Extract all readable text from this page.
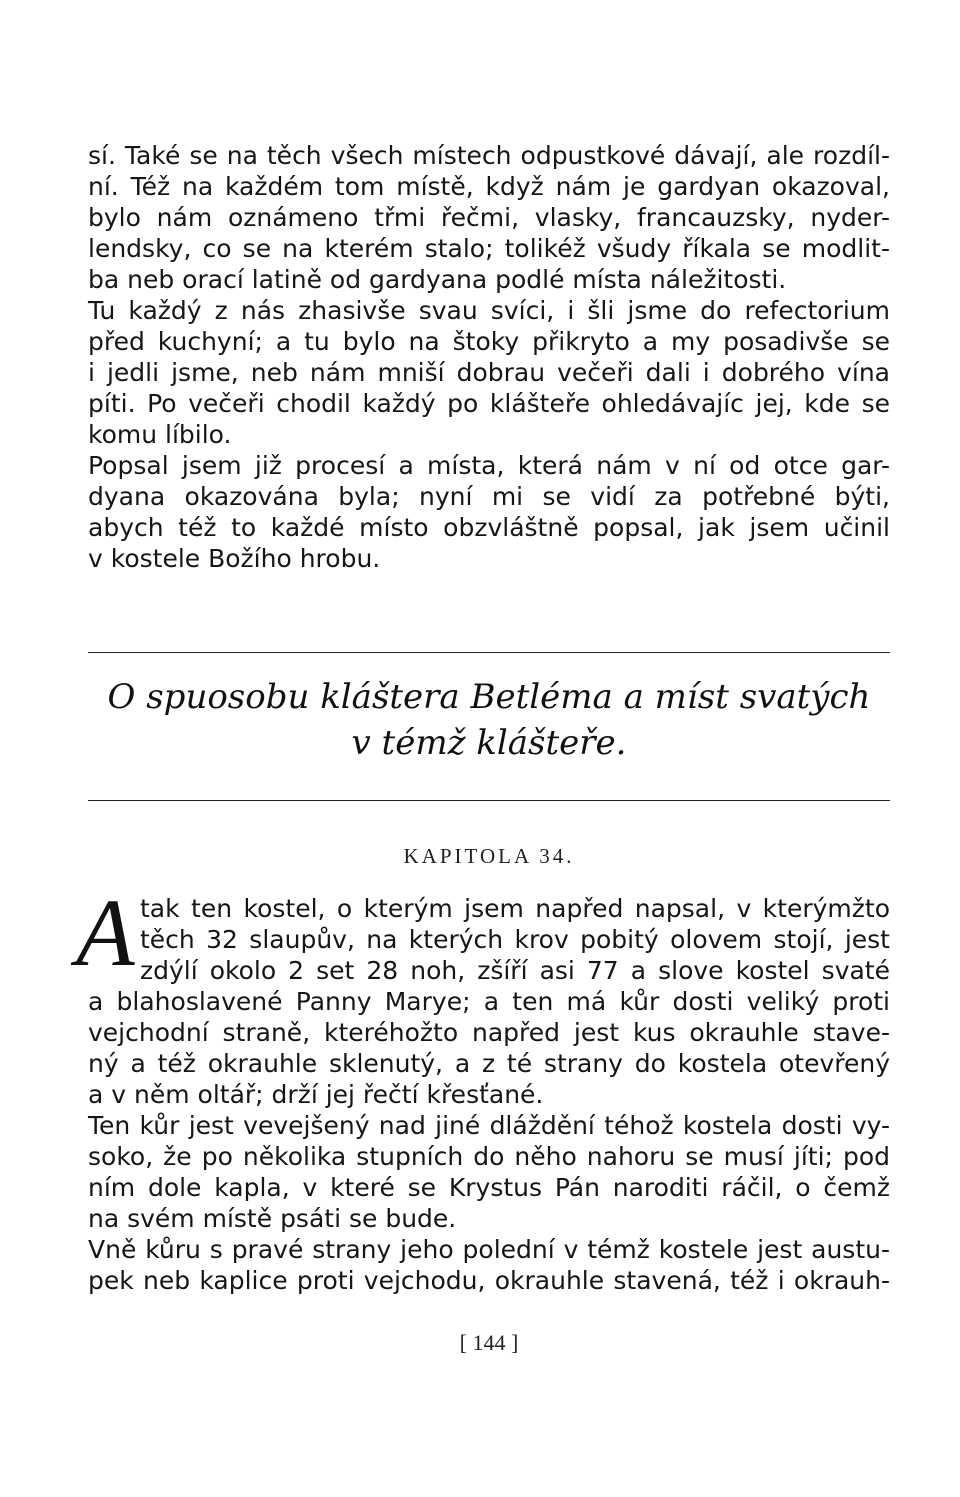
sí. Také se na těch všech místech odpustkové dávají, ale rozdíl-
ní. Též na každém tom místě, když nám je gardyan okazoval,
bylo nám oznámeno třmi řečmi, vlasky, francauzsky, nyder-
lendsky, co se na kterém stalo; tolikéž všudy říkala se modlit-
ba neb orací latině od gardyana podlé místa náležitosti.
Tu každý z nás zhasivše svau svíci, i šli jsme do refectorium
před kuchyní; a tu bylo na štoky přikryto a my posadivše se
i jedli jsme, neb nám mniší dobrau večeři dali i dobrého vína
píti. Po večeři chodil každý po klášteře ohledávajíc jej, kde se
komu líbilo.
Popsal jsem již procesí a místa, která nám v ní od otce gar-
dyana okazována byla; nyní mi se vidí za potřebné býti,
abych též to každé místo obzvláštně popsal, jak jsem učinil
v kostele Božího hrobu.
O spuosobu kláštera Betléma a míst svatých
v témž klášteře.
KAPITOLA 34.
A tak ten kostel, o kterým jsem napřed napsal, v kterýmžto
těch 32 slaupův, na kterých krov pobitý olovem stojí, jest
zdýlí okolo 2 set 28 noh, zšíří asi 77 a slove kostel svaté
a blahoslavené Panny Marye; a ten má kůr dosti veliký proti
vejchodní straně, kteréhožto napřed jest kus okrauhle stave-
ný a též okrauhle sklenutý, a z té strany do kostela otevřený
a v něm oltář; drží jej řečtí křesťané.
Ten kůr jest vevejšený nad jiné dláždění téhož kostela dosti vy-
soko, že po několika stupních do něho nahoru se musí jíti; pod
ním dole kapla, v které se Krystus Pán naroditi ráčil, o čemž
na svém místě psáti se bude.
Vně kůru s pravé strany jeho polední v témž kostele jest austu-
pek neb kaplice proti vejchodu, okrauhle stavená, též i okrauh-
[ 144 ]
